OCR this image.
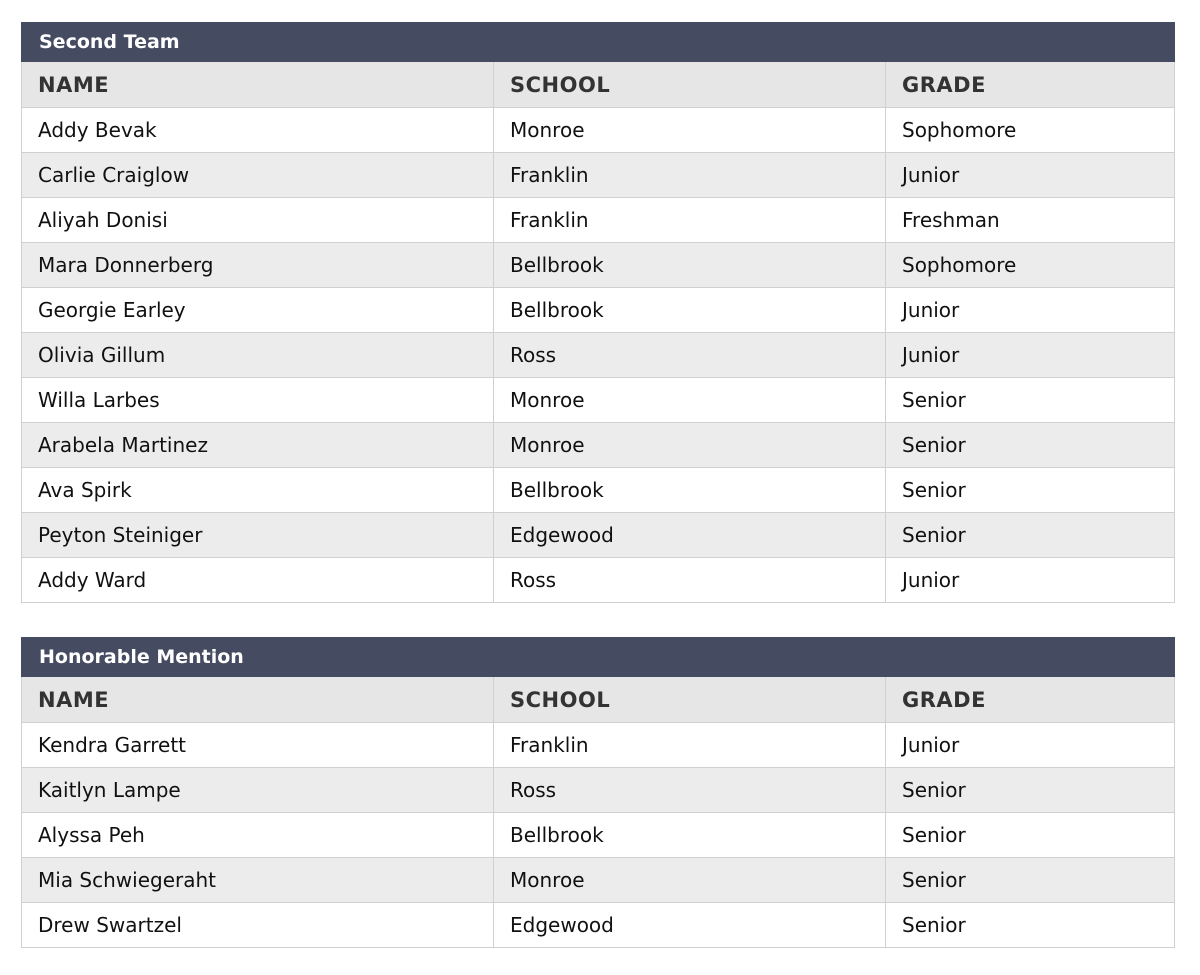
Second Team		
NAME	SCHOOL	GRADE
Addy Bevak	Monroe	Sophomore
Carlie Craiglow	Franklin	Junior
Aliyah Donisi	Franklin	Freshman
Mara Donnerberg	Bellbrook	Sophomore
Georgie Earley	Bellbrook	Junior
Olivia Gillum	Ross	Junior
Willa Larbes	Monroe	Senior
Arabela Martinez	Monroe	Senior
Ava Spirk	Bellbrook	Senior
Peyton Steiniger	Edgewood	Senior
Addy Ward	Ross	Junior
Honorable Mention		
NAME	SCHOOL	GRADE
Kendra Garrett	Franklin	Junior
Kaitlyn Lampe	Ross	Senior
Alyssa Peh	Bellbrook	Senior
Mia Schwiegeraht	Monroe	Senior
Drew Swartzel	Edgewood	Senior
